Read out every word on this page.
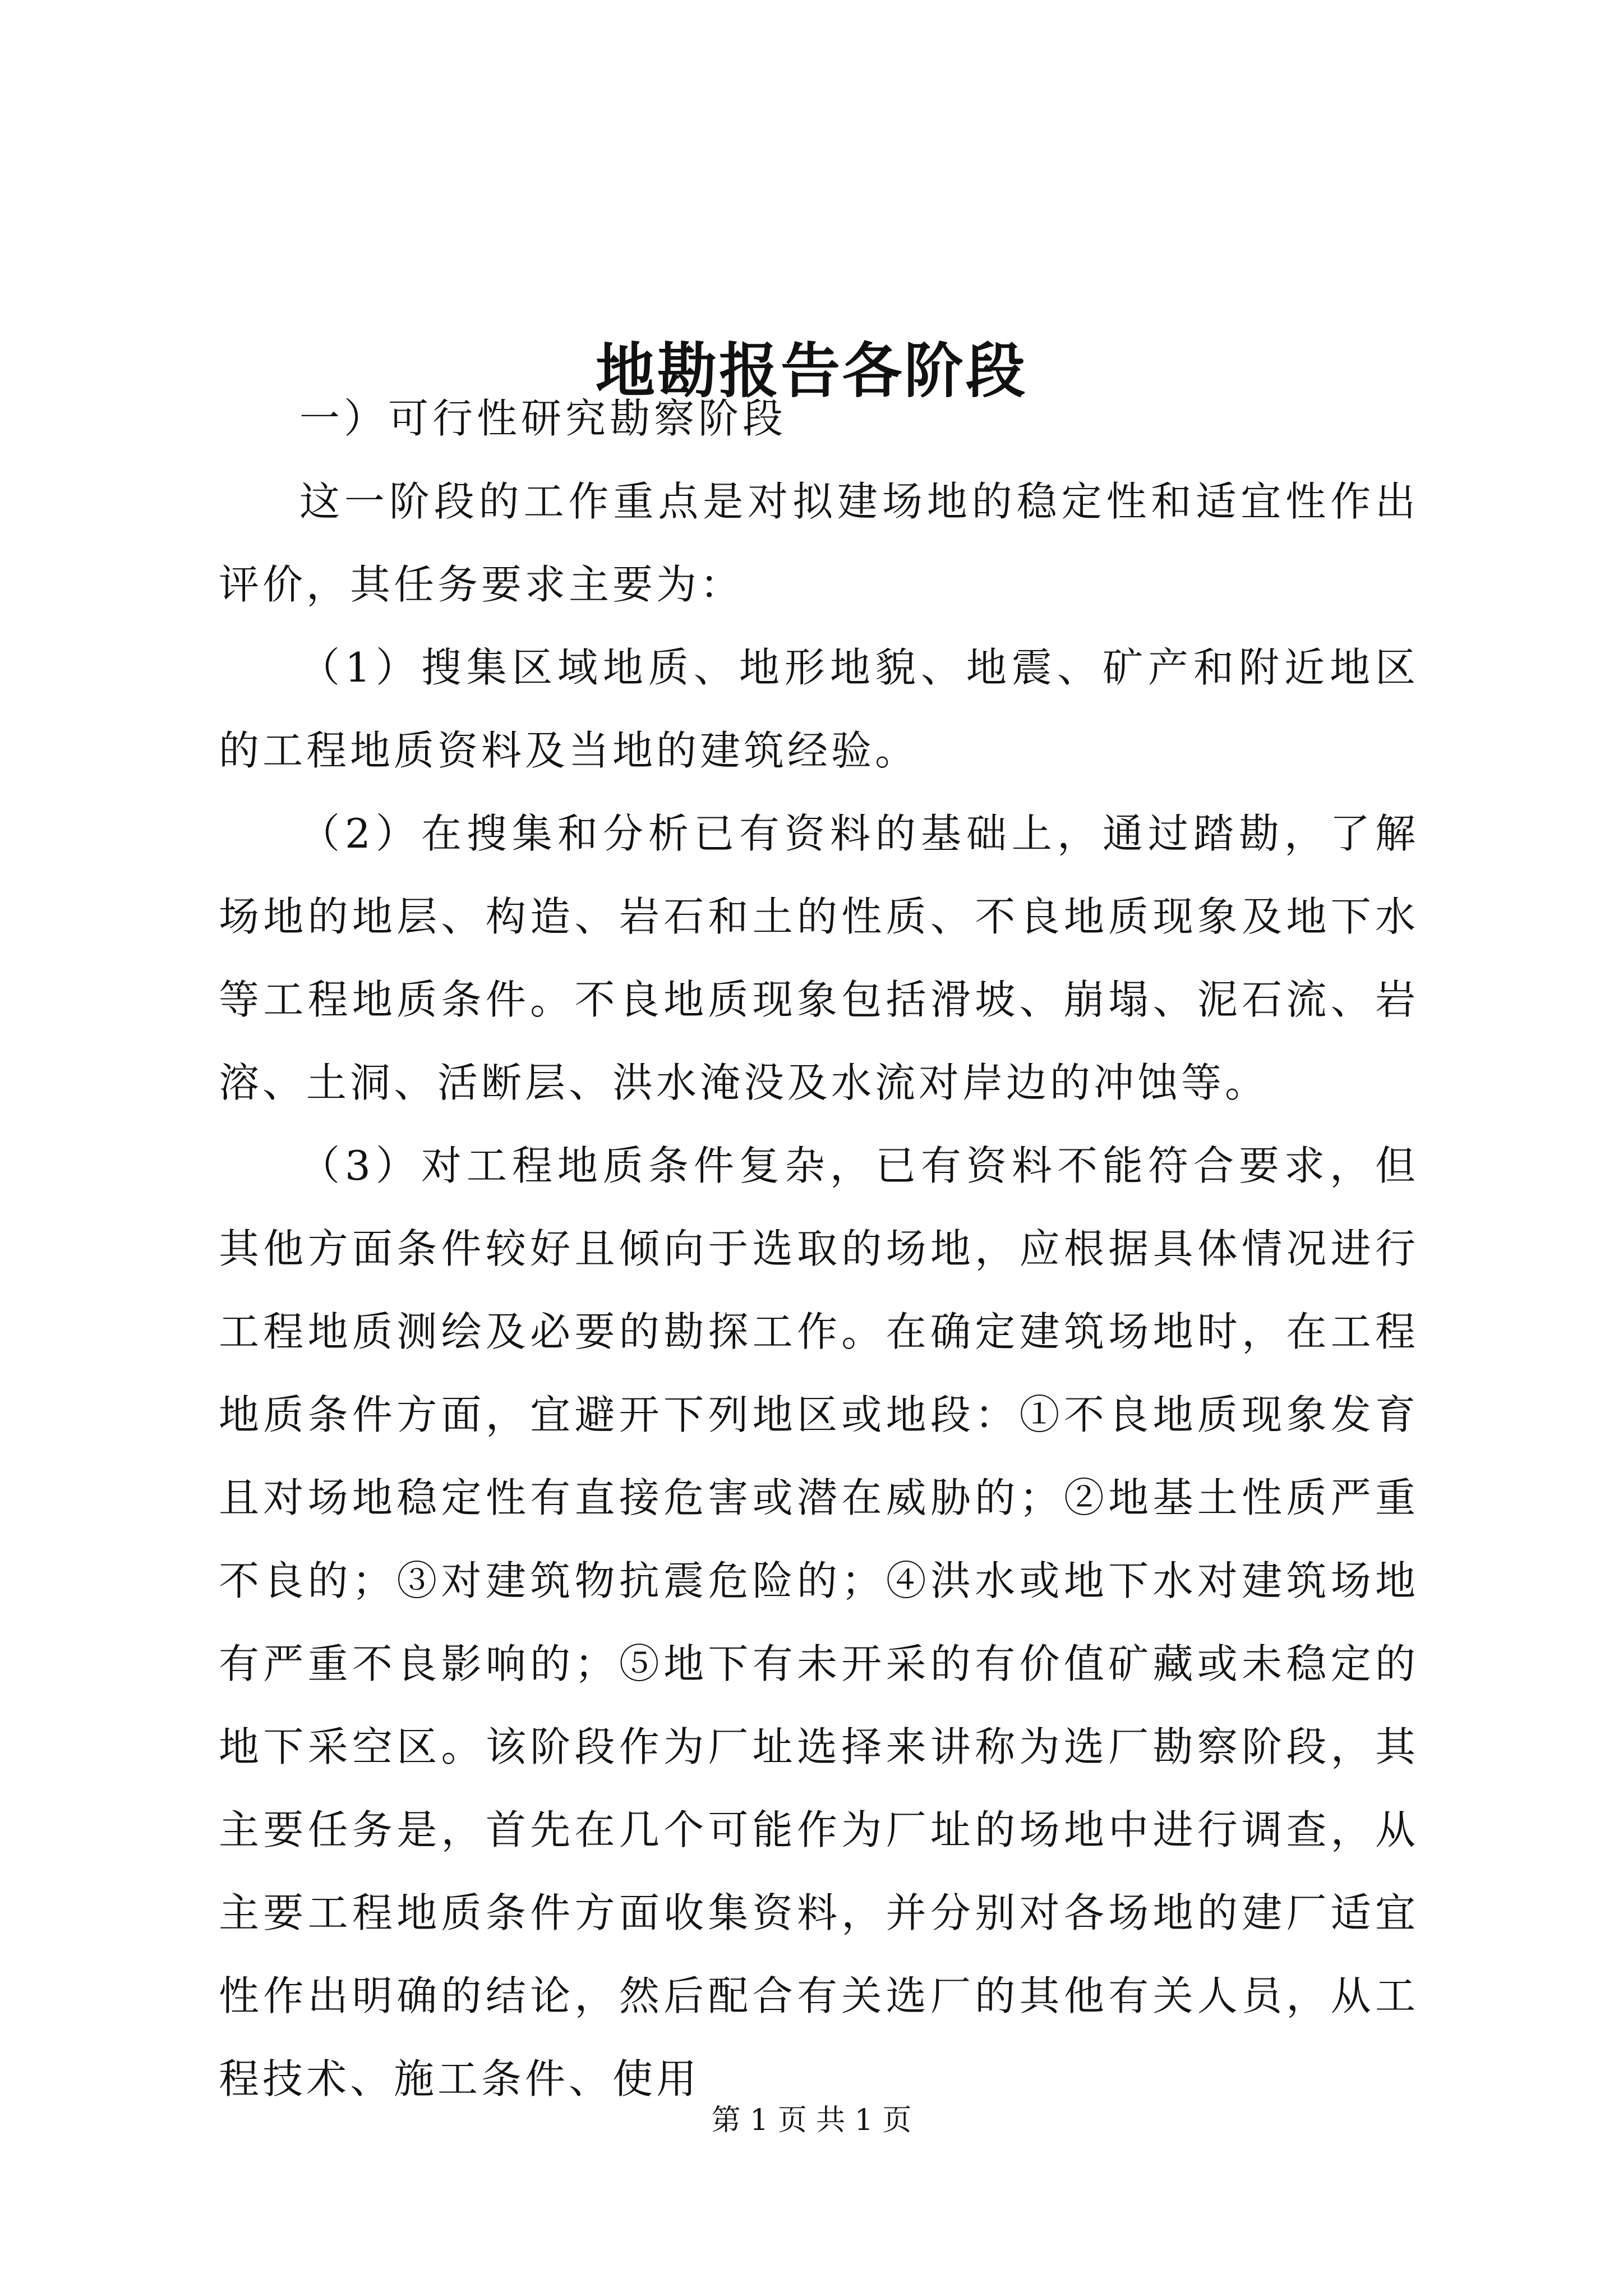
地勘报告各阶段

一）可行性研究勘察阶段

这一阶段的工作重点是对拟建场地的稳定性和适宜性作出评价，其任务要求主要为：

（1）搜集区域地质、地形地貌、地震、矿产和附近地区的工程地质资料及当地的建筑经验。

（2）在搜集和分析已有资料的基础上，通过踏勘，了解场地的地层、构造、岩石和土的性质、不良地质现象及地下水等工程地质条件。不良地质现象包括滑坡、崩塌、泥石流、岩溶、土洞、活断层、洪水淹没及水流对岸边的冲蚀等。

（3）对工程地质条件复杂，已有资料不能符合要求，但其他方面条件较好且倾向于选取的场地，应根据具体情况进行工程地质测绘及必要的勘探工作。在确定建筑场地时，在工程地质条件方面，宜避开下列地区或地段：①不良地质现象发育且对场地稳定性有直接危害或潜在威胁的；②地基土性质严重不良的；③对建筑物抗震危险的；④洪水或地下水对建筑场地有严重不良影响的；⑤地下有未开采的有价值矿藏或未稳定的地下采空区。该阶段作为厂址选择来讲称为选厂勘察阶段，其主要任务是，首先在几个可能作为厂址的场地中进行调查，从主要工程地质条件方面收集资料，并分别对各场地的建厂适宜性作出明确的结论，然后配合有关选厂的其他有关人员，从工程技术、施工条件、使用

第 1 页 共 1 页
